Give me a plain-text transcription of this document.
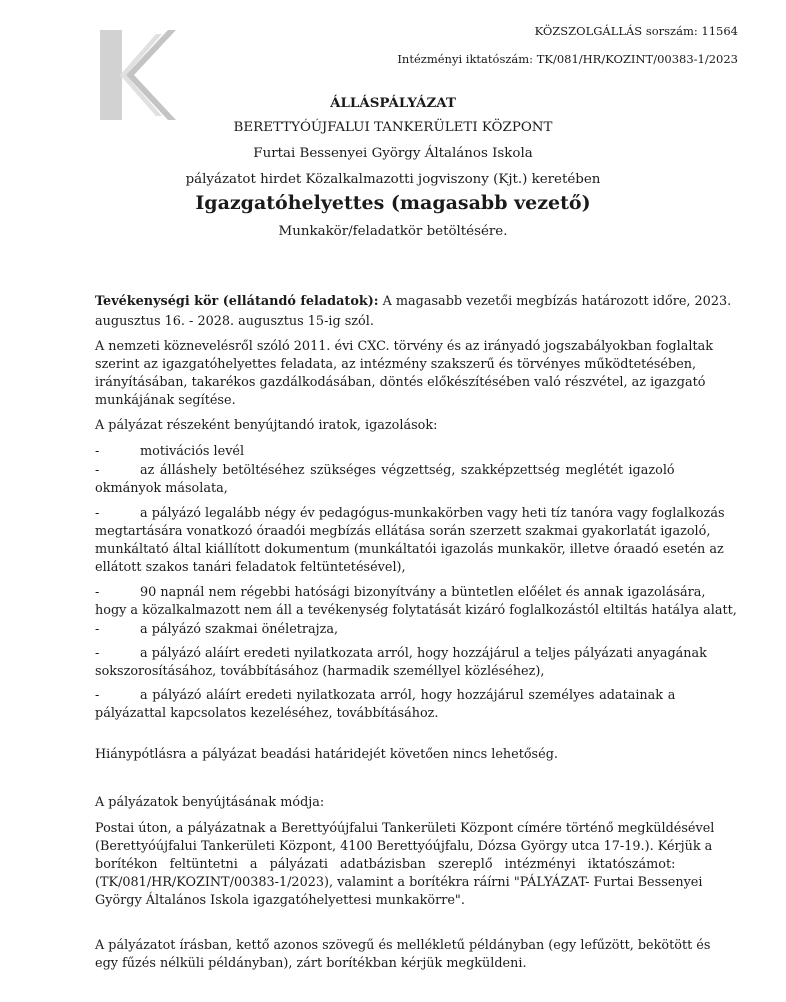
KÖZSZOLGÁLLÁS sorszám: 11564
Intézményi iktatószám: TK/081/HR/KOZINT/00383-1/2023
ÁLLÁSPÁLYÁZAT
BERETTYÓÚJFALUI TANKERÜLETI KÖZPONT
Furtai Bessenyei György Általános Iskola
pályázatot hirdet Közalkalmazotti jogviszony (Kjt.) keretében
Igazgatóhelyettes (magasabb vezető)
Munkakör/feladatkör betöltésére.
Tevékenységi kör (ellátandó feladatok): A magasabb vezetői megbízás határozott időre, 2023.
augusztus 16. - 2028. augusztus 15-ig szól.
A nemzeti köznevelésről szóló 2011. évi CXC. törvény és az irányadó jogszabályokban foglaltak
szerint az igazgatóhelyettes feladata, az intézmény szakszerű és törvényes működtetésében,
irányításában, takarékos gazdálkodásában, döntés előkészítésében való részvétel, az igazgató
munkájának segítése.
A pályázat részeként benyújtandó iratok, igazolások:
-	motivációs levél
-	az álláshely betöltéséhez szükséges végzettség, szakképzettség meglétét igazoló
okmányok másolata,
-	a pályázó legalább négy év pedagógus-munkakörben vagy heti tíz tanóra vagy foglalkozás
megtartására vonatkozó óraadói megbízás ellátása során szerzett szakmai gyakorlatát igazoló,
munkáltató által kiállított dokumentum (munkáltatói igazolás munkakör, illetve óraadó esetén az
ellátott szakos tanári feladatok feltüntetésével),
-	90 napnál nem régebbi hatósági bizonyítvány a büntetlen előélet és annak igazolására,
hogy a közalkalmazott nem áll a tevékenység folytatását kizáró foglalkozástól eltiltás hatálya alatt,
-	a pályázó szakmai önéletrajza,
-	a pályázó aláírt eredeti nyilatkozata arról, hogy hozzájárul a teljes pályázati anyagának
sokszorosításához, továbbításához (harmadik személlyel közléséhez),
-	a pályázó aláírt eredeti nyilatkozata arról, hogy hozzájárul személyes adatainak a
pályázattal kapcsolatos kezeléséhez, továbbításához.
Hiánypótlásra a pályázat beadási határidejét követően nincs lehetőség.
A pályázatok benyújtásának módja:
Postai úton, a pályázatnak a Berettyóújfalui Tankerületi Központ címére történő megküldésével
(Berettyóújfalui Tankerületi Központ, 4100 Berettyóújfalu, Dózsa György utca 17-19.). Kérjük a
borítékon feltüntetni a pályázati adatbázisban szereplő intézményi iktatószámot:
(TK/081/HR/KOZINT/00383-1/2023), valamint a borítékra ráírni "PÁLYÁZAT- Furtai Bessenyei
György Általános Iskola igazgatóhelyettesi munkakörre".
A pályázatot írásban, kettő azonos szövegű és mellékletű példányban (egy lefűzött, bekötött és
egy fűzés nélküli példányban), zárt borítékban kérjük megküldeni.
